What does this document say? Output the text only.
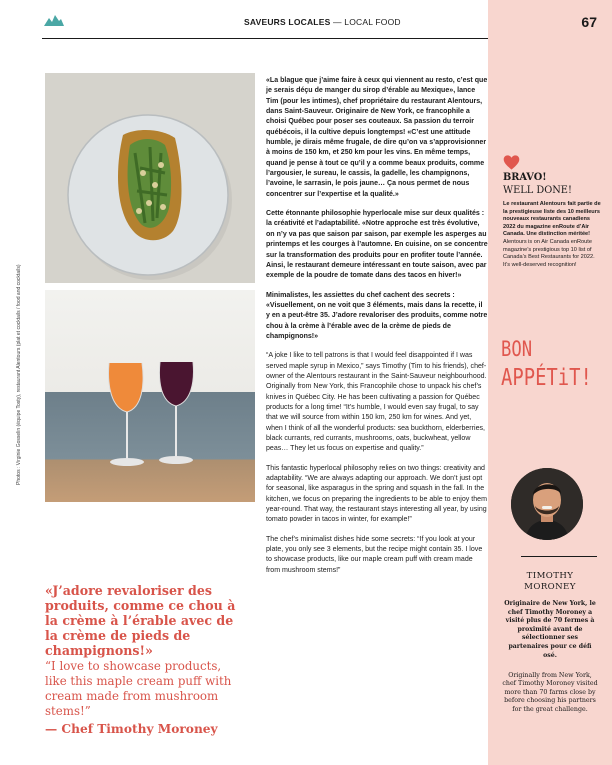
SAVEURS LOCALES — LOCAL FOOD
Photos : Virginie Gosselin (équipe Tosty), restaurant Alentours (plat et cocktails / food and cocktails)
«J’adore revaloriser des produits, comme ce chou à la crème à l’érable avec de la crème de pieds de champignons!»
“I love to showcase products, like this maple cream puff with cream made from mushroom stems!”
— Chef Timothy Moroney

«La blague que j’aime faire à ceux qui viennent au resto, c’est que je serais déçu de manger du sirop d’érable au Mexique», lance Tim (pour les intimes), chef propriétaire du restaurant Alentours, dans Saint-Sauveur. Originaire de New York, ce francophile a choisi Québec pour poser ses couteaux. Sa passion du terroir québécois, il la cultive depuis longtemps! «C’est une attitude humble, je dirais même frugale, de dire qu’on va s’approvisionner à moins de 150 km, et 250 km pour les vins. En même temps, quand je pense à tout ce qu’il y a comme beaux produits, comme l’argousier, le sureau, le cassis, la gadelle, les champignons, l’avoine, le sarrasin, le pois jaune… Ça nous permet de nous concentrer sur l’expertise et la qualité.»

Cette étonnante philosophie hyperlocale mise sur deux qualités : la créativité et l’adaptabilité. «Notre approche est très évolutive, on n’y va pas que saison par saison, par exemple les asperges au printemps et les courges à l’automne. En cuisine, on se concentre sur la transformation des produits pour en profiter toute l’année. Ainsi, le restaurant demeure intéressant en toute saison, avec par exemple de la poudre de tomate dans des tacos en hiver!»

Minimalistes, les assiettes du chef cachent des secrets : «Visuellement, on ne voit que 3 éléments, mais dans la recette, il y en a peut-être 35. J’adore revaloriser des produits, comme notre chou à la crème à l’érable avec de la crème de pieds de champignons!»

“A joke I like to tell patrons is that I would feel disappointed if I was served maple syrup in Mexico,” says Timothy (Tim to his friends), chef-owner of the Alentours restaurant in the Saint-Sauveur neighbourhood. Originally from New York, this Francophile chose to unpack his chef’s knives in Québec City. He has been cultivating a passion for Québec products for a long time! “It’s humble, I would even say frugal, to say that we will source from within 150 km, 250 km for wines. And yet, when I think of all the wonderful products: sea buckthorn, elderberries, black currants, red currants, mushrooms, oats, buckwheat, yellow peas… They let us focus on expertise and quality.”

This fantastic hyperlocal philosophy relies on two things: creativity and adaptability. “We are always adapting our approach. We don’t just opt for seasonal, like asparagus in the spring and squash in the fall. In the kitchen, we focus on preparing the ingredients to be able to enjoy them year-round. That way, the restaurant stays interesting all year, by using tomato powder in tacos in winter, for example!”

The chef’s minimalist dishes hide some secrets: “If you look at your plate, you only see 3 elements, but the recipe might contain 35. I love to showcase products, like our maple cream puff with cream made from mushroom stems!”

67
BRAVO!
WELL DONE!
Le restaurant Alentours fait partie de la prestigieuse liste des 10 meilleurs nouveaux restaurants canadiens 2022 du magazine enRoute d’Air Canada. Une distinction méritée!
Alentours is on Air Canada enRoute magazine’s prestigious top 10 list of Canada’s Best Restaurants for 2022. It’s well-deserved recognition!
BON
APPÉTiT!
TIMOTHY
MORONEY
Originaire de New York, le chef Timothy Moroney a visité plus de 70 fermes à proximité avant de sélectionner ses partenaires pour ce défi osé.
Originally from New York, chef Timothy Moroney visited more than 70 farms close by before choosing his partners for the great challenge.
